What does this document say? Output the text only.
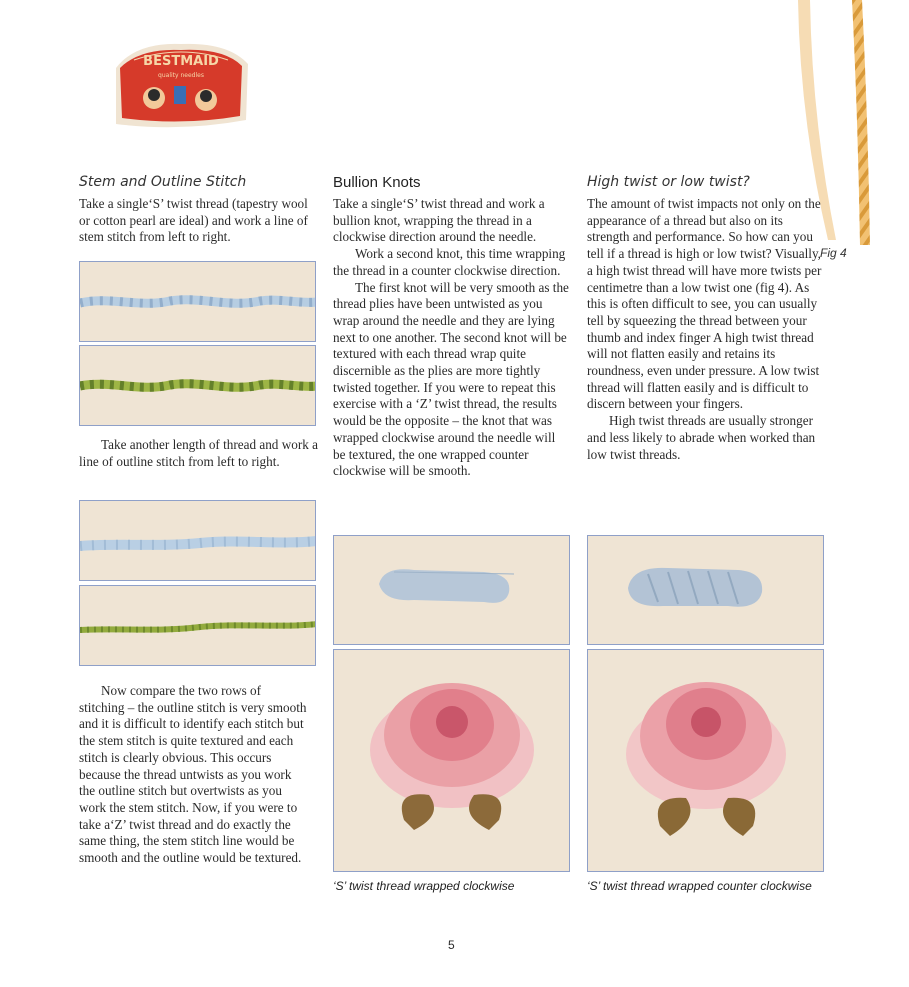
BESTMAID
quality needles
Fig 4
Stem and Outline Stitch

Take a single‘S’ twist thread (tapestry wool or cotton pearl are ideal) and work a line of stem stitch from left to right.

Take another length of thread and work a line of outline stitch from left to right.

Now compare the two rows of stitching – the outline stitch is very smooth and it is difficult to identify each stitch but the stem stitch is quite textured and each stitch is clearly obvious. This occurs because the thread untwists as you work the outline stitch but overtwists as you work the stem stitch. Now, if you were to take a‘Z’ twist thread and do exactly the same thing, the stem stitch line would be smooth and the outline would be textured.

Bullion Knots

Take a single‘S’ twist thread and work a bullion knot, wrapping the thread in a clockwise direction around the needle.

Work a second knot, this time wrapping the thread in a counter clockwise direction.

The first knot will be very smooth as the thread plies have been untwisted as you wrap around the needle and they are lying next to one another. The second knot will be textured with each thread wrap quite discernible as the plies are more tightly twisted together. If you were to repeat this exercise with a ‘Z’ twist thread, the results would be the opposite – the knot that was wrapped clockwise around the needle will be textured, the one wrapped counter clockwise will be smooth.

‘S’ twist thread wrapped clockwise
High twist or low twist?

The amount of twist impacts not only on the appearance of a thread but also on its strength and performance. So how can you tell if a thread is high or low twist? Visually, a high twist thread will have more twists per centimetre than a low twist one (fig 4). As this is often difficult to see, you can usually tell by squeezing the thread between your thumb and index finger A high twist thread will not flatten easily and retains its roundness, even under pressure. A low twist thread will flatten easily and is difficult to discern between your fingers.

High twist threads are usually stronger and less likely to abrade when worked than low twist threads.

‘S’ twist thread wrapped counter clockwise
5
